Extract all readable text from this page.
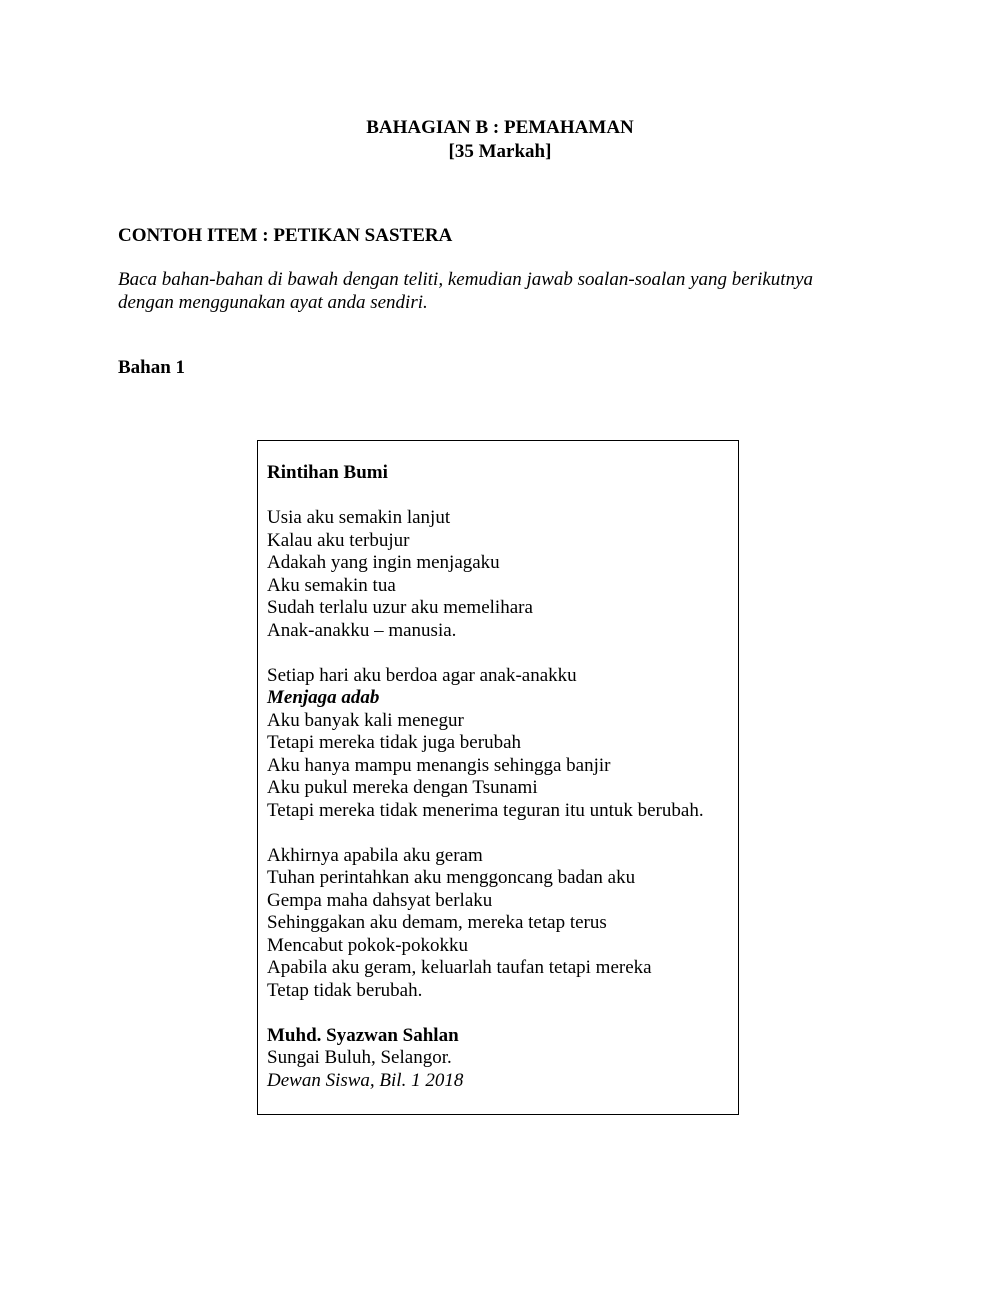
BAHAGIAN B : PEMAHAMAN
[35 Markah]
CONTOH ITEM : PETIKAN SASTERA
Baca bahan-bahan di bawah dengan teliti, kemudian jawab soalan-soalan yang berikutnya
dengan menggunakan ayat anda sendiri.
Bahan 1
Rintihan Bumi
Usia aku semakin lanjut
Kalau aku terbujur
Adakah yang ingin menjagaku
Aku semakin tua
Sudah terlalu uzur aku memelihara
Anak-anakku – manusia.
Setiap hari aku berdoa agar anak-anakku
Menjaga adab
Aku banyak kali menegur
Tetapi mereka tidak juga berubah
Aku hanya mampu menangis sehingga banjir
Aku pukul mereka dengan Tsunami
Tetapi mereka tidak menerima teguran itu untuk berubah.
Akhirnya apabila aku geram
Tuhan perintahkan aku menggoncang badan aku
Gempa maha dahsyat berlaku
Sehinggakan aku demam, mereka tetap terus
Mencabut pokok-pokokku
Apabila aku geram, keluarlah taufan tetapi mereka
Tetap tidak berubah.
Muhd. Syazwan Sahlan
Sungai Buluh, Selangor.
Dewan Siswa, Bil. 1 2018
